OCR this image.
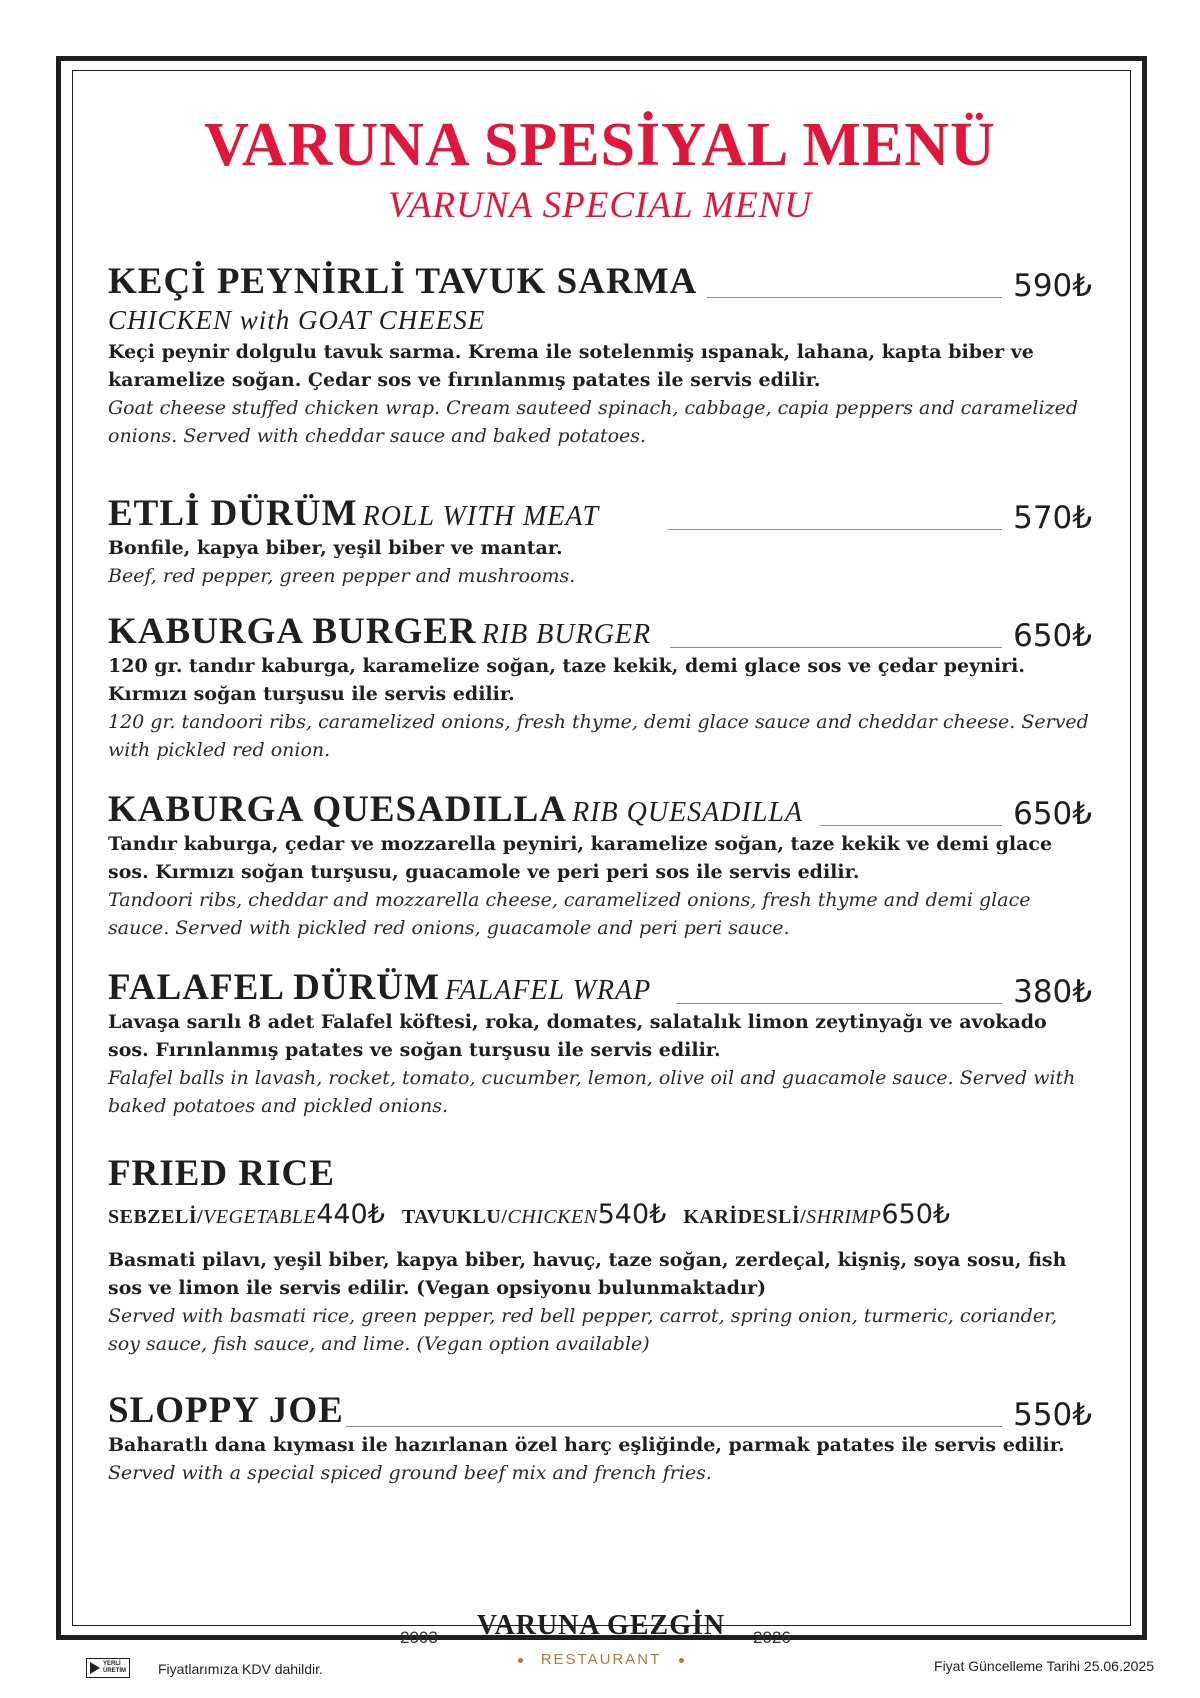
VARUNA SPESİYAL MENÜ
VARUNA SPECIAL MENU
KEÇİ PEYNİRLİ TAVUK SARMA	590₺
CHICKEN with GOAT CHEESE
Keçi peynir dolgulu tavuk sarma. Krema ile sotelenmiş ıspanak, lahana, kapta biber ve karamelize soğan. Çedar sos ve fırınlanmış patates ile servis edilir.
Goat cheese stuffed chicken wrap. Cream sauteed spinach, cabbage, capia peppers and caramelized onions. Served with cheddar sauce and baked potatoes.
ETLİ DÜRÜM ROLL WITH MEAT	570₺
Bonfile, kapya biber, yeşil biber ve mantar.
Beef, red pepper, green pepper and mushrooms.
KABURGA BURGER RIB BURGER	650₺
120 gr. tandır kaburga, karamelize soğan, taze kekik, demi glace sos ve çedar peyniri. Kırmızı soğan turşusu ile servis edilir.
120 gr. tandoori ribs, caramelized onions, fresh thyme, demi glace sauce and cheddar cheese. Served with pickled red onion.
KABURGA QUESADILLA RIB QUESADILLA	650₺
Tandır kaburga, çedar ve mozzarella peyniri, karamelize soğan, taze kekik ve demi glace sos. Kırmızı soğan turşusu, guacamole ve peri peri sos ile servis edilir.
Tandoori ribs, cheddar and mozzarella cheese, caramelized onions, fresh thyme and demi glace sauce. Served with pickled red onions, guacamole and peri peri sauce.
FALAFEL DÜRÜM FALAFEL WRAP	380₺
Lavaşa sarılı 8 adet Falafel köftesi, roka, domates, salatalık limon zeytinyağı ve avokado sos. Fırınlanmış patates ve soğan turşusu ile servis edilir.
Falafel balls in lavash, rocket, tomato, cucumber, lemon, olive oil and guacamole sauce. Served with baked potatoes and pickled onions.
FRIED RICE
SEBZELİ/VEGETABLE440₺ TAVUKLU/CHICKEN540₺ KARİDESLİ/SHRIMP650₺
Basmati pilavı, yeşil biber, kapya biber, havuç, taze soğan, zerdeçal, kişniş, soya sosu, fish sos ve limon ile servis edilir. (Vegan opsiyonu bulunmaktadır)
Served with basmati rice, green pepper, red bell pepper, carrot, spring onion, turmeric, coriander, soy sauce, fish sauce, and lime. (Vegan option available)
SLOPPY JOE	550₺
Baharatlı dana kıyması ile hazırlanan özel harç eşliğinde, parmak patates ile servis edilir.
Served with a special spiced ground beef mix and french fries.
2003	2026
VARUNA GEZGİN
RESTAURANT
YERLİ
ÜRETİM Fiyatlarımıza KDV dahildir.	Fiyat Güncelleme Tarihi 25.06.2025
